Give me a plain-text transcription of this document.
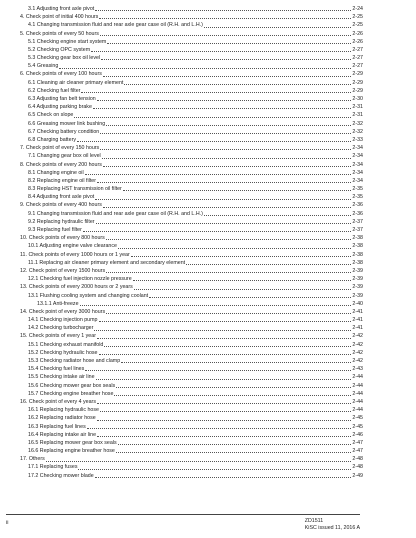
3.1 Adjusting front axle pivot	2-24
4. Check point of initial 400 hours	2-25
4.1 Changing transmission fluid and rear axle gear case oil (R.H. and L.H.)	2-25
5. Check points of every 50 hours	2-26
5.1 Checking engine start system	2-26
5.2 Checking OPC system	2-27
5.3 Checking gear box oil level	2-27
5.4 Greasing	2-27
6. Check points of every 100 hours	2-29
6.1 Cleaning air cleaner primary element	2-29
6.2 Checking fuel filter	2-29
6.3 Adjusting fan belt tension	2-30
6.4 Adjusting parking brake	2-31
6.5 Check on slope	2-31
6.6 Greasing mower link bushing	2-32
6.7 Checking battery condition	2-32
6.8 Charging battery	2-33
7. Check point of every 150 hours	2-34
7.1 Changing gear box oil level	2-34
8. Check points of every 200 hours	2-34
8.1 Changing engine oil	2-34
8.2 Replacing engine oil filter	2-34
8.3 Replacing HST transmission oil filter	2-35
8.4 Adjusting front axle pivot	2-35
9. Check points of every 400 hours	2-36
9.1 Changing transmission fluid and rear axle gear case oil (R.H. and L.H.)	2-36
9.2 Replacing hydraulic filter	2-37
9.3 Replacing fuel filter	2-37
10. Check points of every 800 hours	2-38
10.1 Adjusting engine valve clearance	2-38
11. Check points of every 1000 hours or 1 year	2-38
11.1 Replacing air cleaner primary element and secondary element	2-38
12. Check point of every 1500 hours	2-39
12.1 Checking fuel injection nozzle pressure	2-39
13. Check points of every 2000 hours or 2 years	2-39
13.1 Flushing cooling system and changing coolant	2-39
13.1.1 Anti-freeze	2-40
14. Check point of every 3000 hours	2-41
14.1 Checking injection pump	2-41
14.2 Checking turbocharger	2-41
15. Check points of every 1 year	2-42
15.1 Checking exhaust manifold	2-42
15.2 Checking hydraulic hose	2-42
15.3 Checking radiator hose and clamp	2-42
15.4 Checking fuel lines	2-43
15.5 Checking intake air line	2-44
15.6 Checking mower gear box seals	2-44
15.7 Checking engine breather hose	2-44
16. Check point of every 4 years	2-44
16.1 Replacing hydraulic hose	2-44
16.2 Replacing radiator hose	2-45
16.3 Replacing fuel lines	2-45
16.4 Replacing intake air line	2-46
16.5 Replacing mower gear box seals	2-47
16.6 Replacing engine breather hose	2-47
17. Others	2-48
17.1 Replacing fuses	2-48
17.2 Checking mower blade	2-49
ii	ZD1511
KiSC issued 11, 2016 A
